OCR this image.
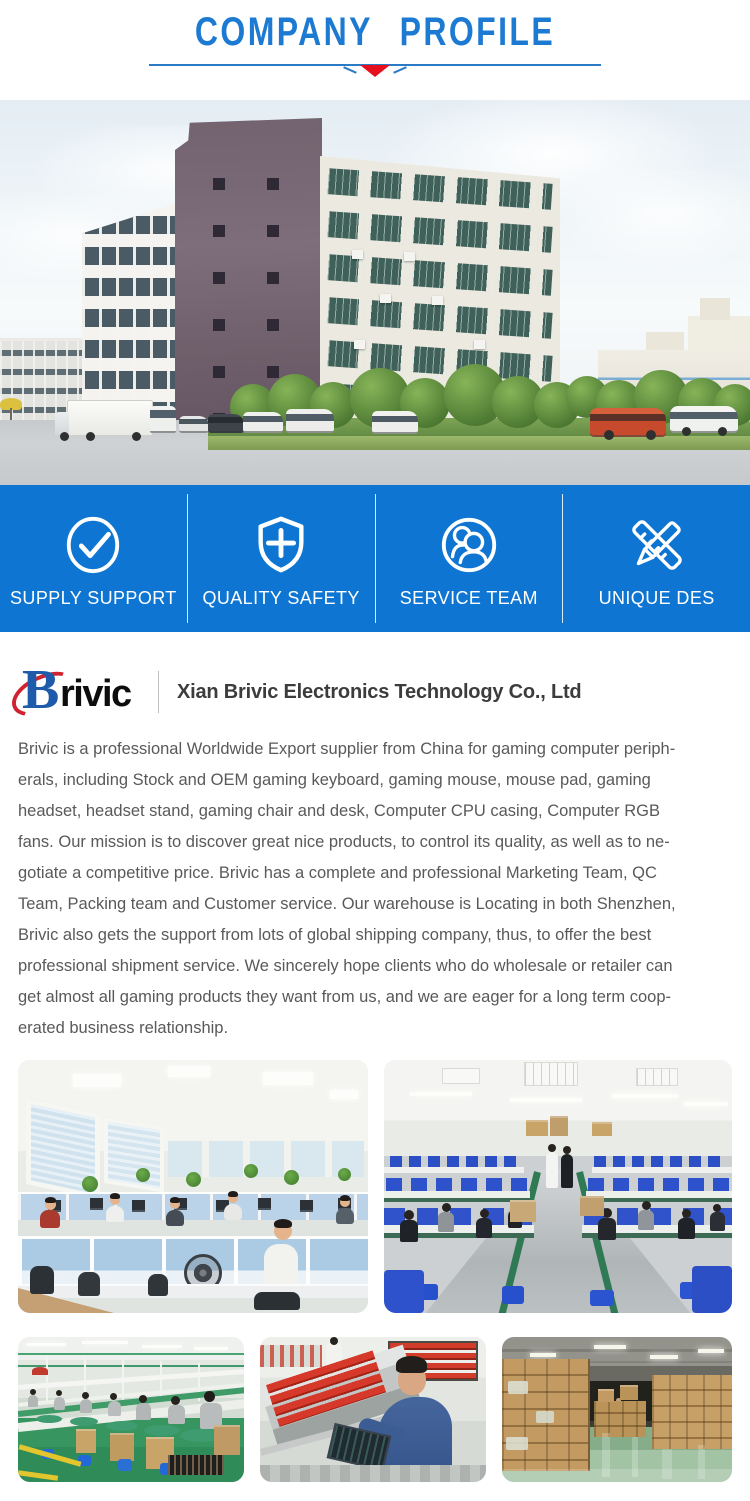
COMPANY PROFILE
SUPPLY SUPPORT QUALITY SAFETY SERVICE TEAM	UNIQUE DES
B rivic Xian Brivic Electronics Technology Co., Ltd
Brivic is a professional Worldwide Export supplier from China for gaming computer periph-
erals, including Stock and OEM gaming keyboard, gaming mouse, mouse pad, gaming
headset, headset stand, gaming chair and desk, Computer CPU casing, Computer RGB
fans. Our mission is to discover great nice products, to control its quality, as well as to ne-
gotiate a competitive price. Brivic has a complete and professional Marketing Team, QC
Team, Packing team and Customer service. Our warehouse is Locating in both Shenzhen,
Brivic also gets the support from lots of global shipping company, thus, to offer the best
professional shipment service. We sincerely hope clients who do wholesale or retailer can
get almost all gaming products they want from us, and we are eager for a long term coop-
erated business relationship.
